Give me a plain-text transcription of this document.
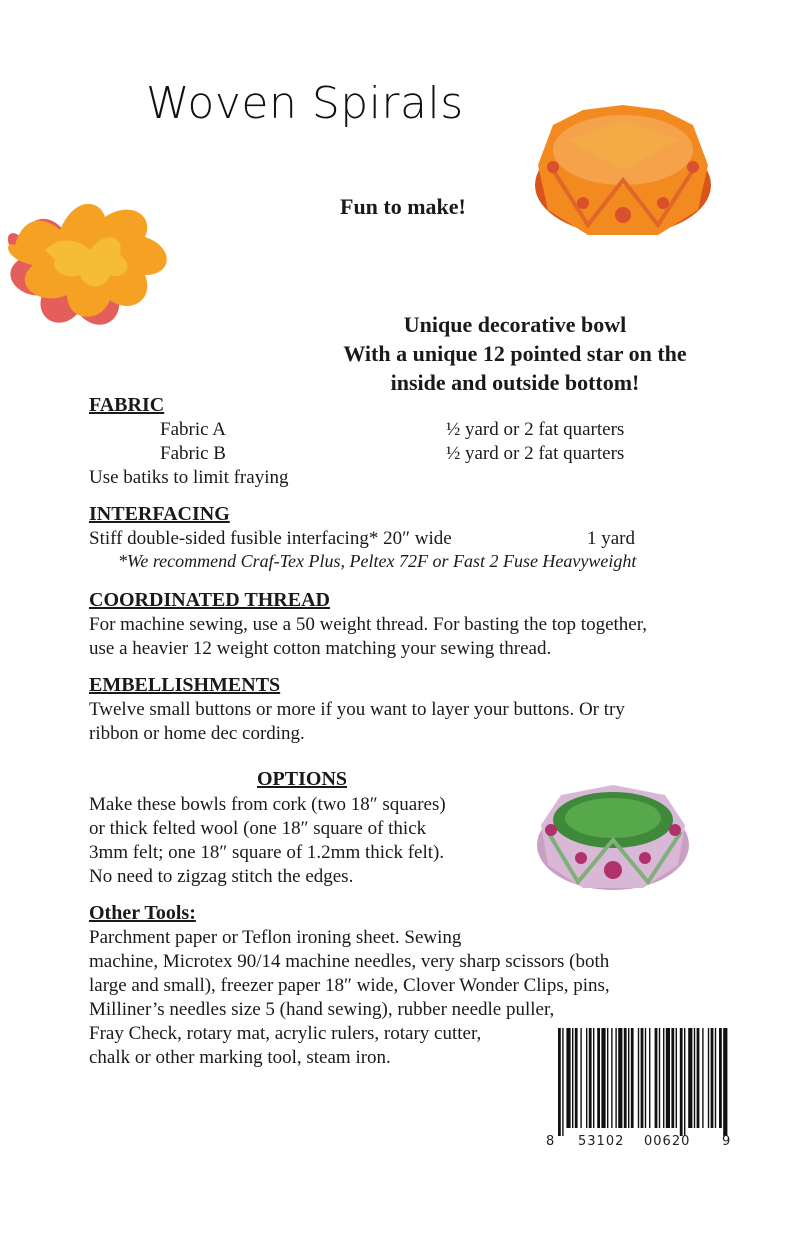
Woven Spirals
Fun to make!
Unique decorative bowl
With a unique 12 pointed star on the
inside and outside bottom!
FABRIC
Fabric A	½ yard or 2 fat quarters
Fabric B	½ yard or 2 fat quarters
Use batiks to limit fraying
INTERFACING
Stiff double-sided fusible interfacing* 20″ wide	1 yard
*We recommend Craf-Tex Plus, Peltex 72F or Fast 2 Fuse Heavyweight
COORDINATED THREAD
For machine sewing, use a 50 weight thread. For basting the top together,
use a heavier 12 weight cotton matching your sewing thread.
EMBELLISHMENTS
Twelve small buttons or more if you want to layer your buttons. Or try
ribbon or home dec cording.
OPTIONS
Make these bowls from cork (two 18″ squares)
or thick felted wool (one 18″ square of thick
3mm felt; one 18″ square of 1.2mm thick felt).
No need to zigzag stitch the edges.
Other Tools:
Parchment paper or Teflon ironing sheet. Sewing
machine, Microtex 90/14 machine needles, very sharp scissors (both
large and small), freezer paper 18″ wide, Clover Wonder Clips, pins,
Milliner’s needles size 5 (hand sewing), rubber needle puller,
Fray Check, rotary mat, acrylic rulers, rotary cutter,
chalk or other marking tool, steam iron.
8 53102 00620 9
